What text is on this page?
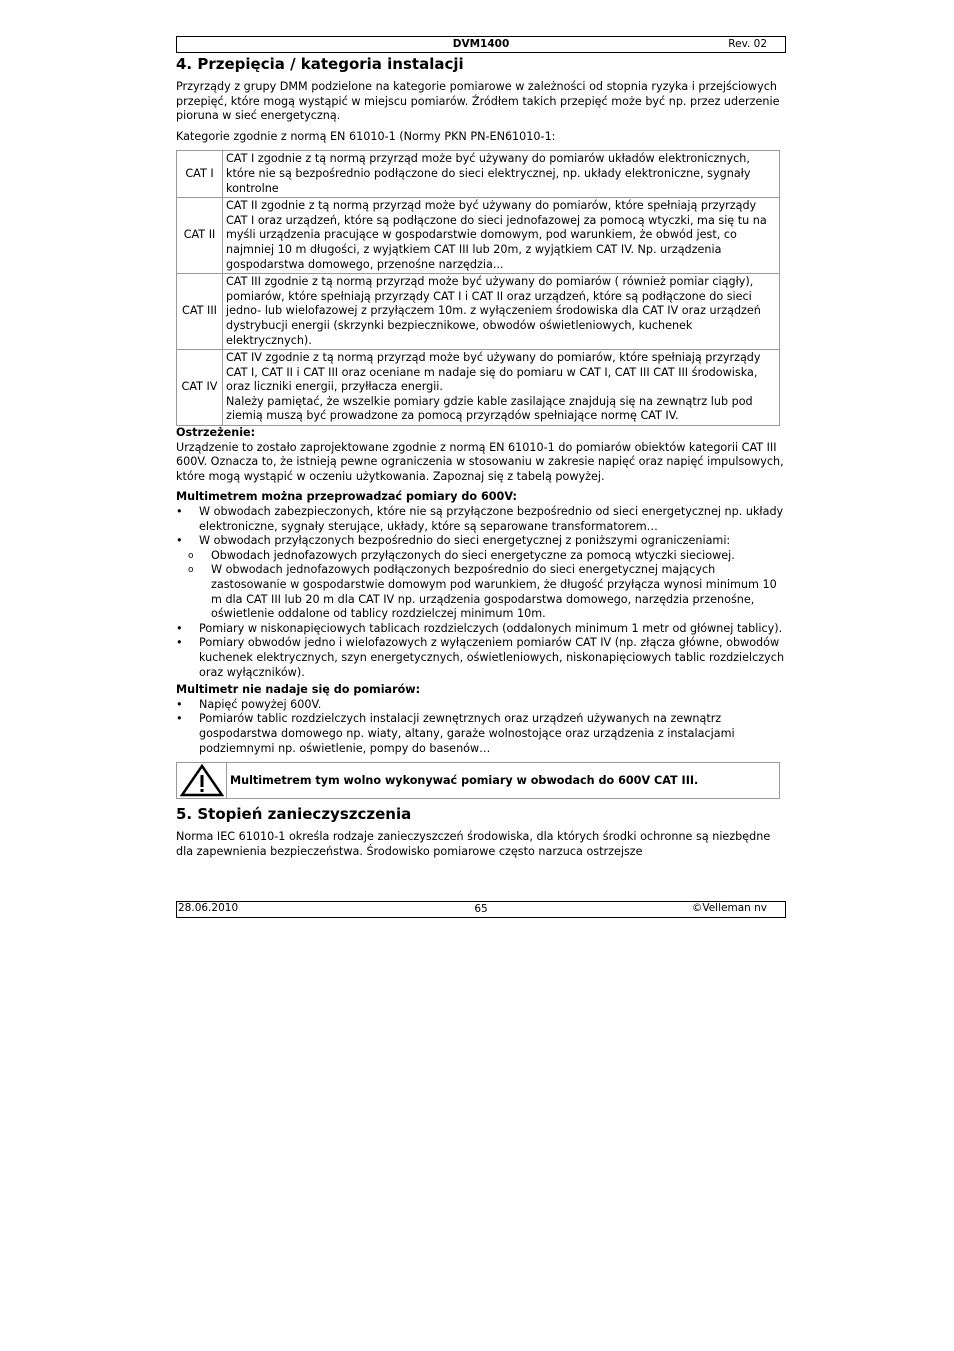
DVM1400	Rev. 02
4. Przepięcia / kategoria instalacji

Przyrządy z grupy DMM podzielone na kategorie pomiarowe w zależności od stopnia ryzyka i przejściowych przepięć, które mogą wystąpić w miejscu pomiarów. Źródłem takich przepięć może być np. przez uderzenie pioruna w sieć energetyczną.

Kategorie zgodnie z normą EN 61010-1 (Normy PKN PN-EN61010-1:

CAT I	CAT I zgodnie z tą normą przyrząd może być używany do pomiarów układów elektronicznych, które nie są bezpośrednio podłączone do sieci elektrycznej, np. układy elektroniczne, sygnały kontrolne
CAT II	CAT II zgodnie z tą normą przyrząd może być używany do pomiarów, które spełniają przyrządy CAT I oraz urządzeń, które są podłączone do sieci jednofazowej za pomocą wtyczki, ma się tu na myśli urządzenia pracujące w gospodarstwie domowym, pod warunkiem, że obwód jest, co najmniej 10 m długości, z wyjątkiem CAT III lub 20m, z wyjątkiem CAT IV. Np. urządzenia gospodarstwa domowego, przenośne narzędzia...
CAT III	CAT III zgodnie z tą normą przyrząd może być używany do pomiarów ( również pomiar ciągły), pomiarów, które spełniają przyrządy CAT I i CAT II oraz urządzeń, które są podłączone do sieci jedno- lub wielofazowej z przyłączem 10m. z wyłączeniem środowiska dla CAT IV oraz urządzeń dystrybucji energii (skrzynki bezpiecznikowe, obwodów oświetleniowych, kuchenek elektrycznych).
CAT IV	CAT IV zgodnie z tą normą przyrząd może być używany do pomiarów, które spełniają przyrządy CAT I, CAT II i CAT III oraz oceniane m nadaje się do pomiaru w CAT I, CAT III CAT III środowiska, oraz liczniki energii, przyłłacza energii.
Należy pamiętać, że wszelkie pomiary gdzie kable zasilające znajdują się na zewnątrz lub pod ziemią muszą być prowadzone za pomocą przyrządów spełniające normę CAT IV.

Ostrzeżenie:

Urządzenie to zostało zaprojektowane zgodnie z normą EN 61010-1 do pomiarów obiektów kategorii CAT III 600V. Oznacza to, że istnieją pewne ograniczenia w stosowaniu w zakresie napięć oraz napięć impulsowych, które mogą wystąpić w oczeniu użytkowania. Zapoznaj się z tabelą powyżej.

Multimetrem można przeprowadzać pomiary do 600V:

•	W obwodach zabezpieczonych, które nie są przyłączone bezpośrednio od sieci energetycznej np. układy elektroniczne, sygnały sterujące, układy, które są separowane transformatorem…
•	W obwodach przyłączonych bezpośrednio do sieci energetycznej z poniższymi ograniczeniami:
o	Obwodach jednofazowych przyłączonych do sieci energetyczne za pomocą wtyczki sieciowej.
o	W obwodach jednofazowych podłączonych bezpośrednio do sieci energetycznej mających zastosowanie w gospodarstwie domowym pod warunkiem, że długość przyłącza wynosi minimum 10 m dla CAT III lub 20 m dla CAT IV np. urządzenia gospodarstwa domowego, narzędzia przenośne, oświetlenie oddalone od tablicy rozdzielczej minimum 10m.
•	Pomiary w niskonapięciowych tablicach rozdzielczych (oddalonych minimum 1 metr od głównej tablicy).
•	Pomiary obwodów jedno i wielofazowych z wyłączeniem pomiarów CAT IV (np. złącza główne, obwodów kuchenek elektrycznych, szyn energetycznych, oświetleniowych, niskonapięciowych tablic rozdzielczych oraz wyłączników).

Multimetr nie nadaje się do pomiarów:

•	Napięć powyżej 600V.
•	Pomiarów tablic rozdzielczych instalacji zewnętrznych oraz urządzeń używanych na zewnątrz gospodarstwa domowego np. wiaty, altany, garaże wolnostojące oraz urządzenia z instalacjami podziemnymi np. oświetlenie, pompy do basenów…
Multimetrem tym wolno wykonywać pomiary w obwodach do 600V CAT III.
5. Stopień zanieczyszczenia

Norma IEC 61010-1 określa rodzaje zanieczyszczeń środowiska, dla których środki ochronne są niezbędne dla zapewnienia bezpieczeństwa. Środowisko pomiarowe często narzuca ostrzejsze

28.06.2010	65	©Velleman nv
